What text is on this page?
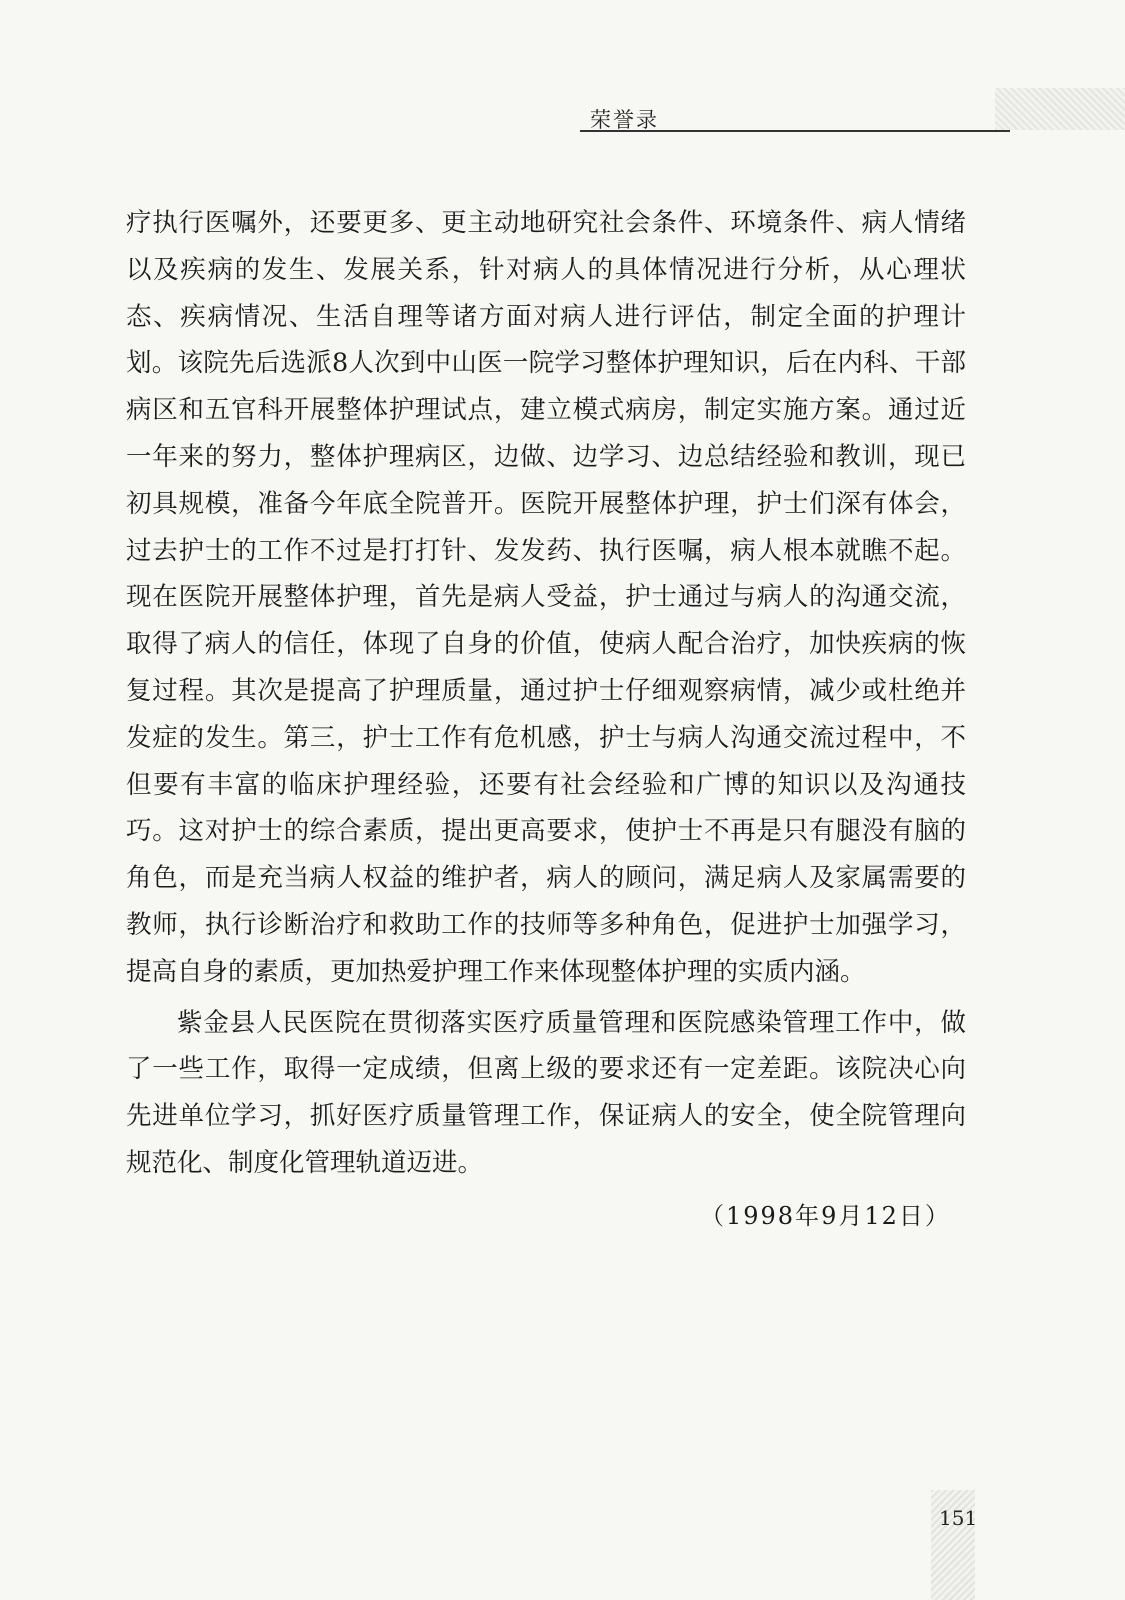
荣誉录

疗执行医嘱外，还要更多、更主动地研究社会条件、环境条件、病人情绪以及疾病的发生、发展关系，针对病人的具体情况进行分析，从心理状态、疾病情况、生活自理等诸方面对病人进行评估，制定全面的护理计划。该院先后选派8人次到中山医一院学习整体护理知识，后在内科、干部病区和五官科开展整体护理试点，建立模式病房，制定实施方案。通过近一年来的努力，整体护理病区，边做、边学习、边总结经验和教训，现已初具规模，准备今年底全院普开。医院开展整体护理，护士们深有体会，过去护士的工作不过是打打针、发发药、执行医嘱，病人根本就瞧不起。现在医院开展整体护理，首先是病人受益，护士通过与病人的沟通交流，取得了病人的信任，体现了自身的价值，使病人配合治疗，加快疾病的恢复过程。其次是提高了护理质量，通过护士仔细观察病情，减少或杜绝并发症的发生。第三，护士工作有危机感，护士与病人沟通交流过程中，不但要有丰富的临床护理经验，还要有社会经验和广博的知识以及沟通技巧。这对护士的综合素质，提出更高要求，使护士不再是只有腿没有脑的角色，而是充当病人权益的维护者，病人的顾问，满足病人及家属需要的教师，执行诊断治疗和救助工作的技师等多种角色，促进护士加强学习，提高自身的素质，更加热爱护理工作来体现整体护理的实质内涵。

紫金县人民医院在贯彻落实医疗质量管理和医院感染管理工作中，做了一些工作，取得一定成绩，但离上级的要求还有一定差距。该院决心向先进单位学习，抓好医疗质量管理工作，保证病人的安全，使全院管理向规范化、制度化管理轨道迈进。

（1998年9月12日）
151
